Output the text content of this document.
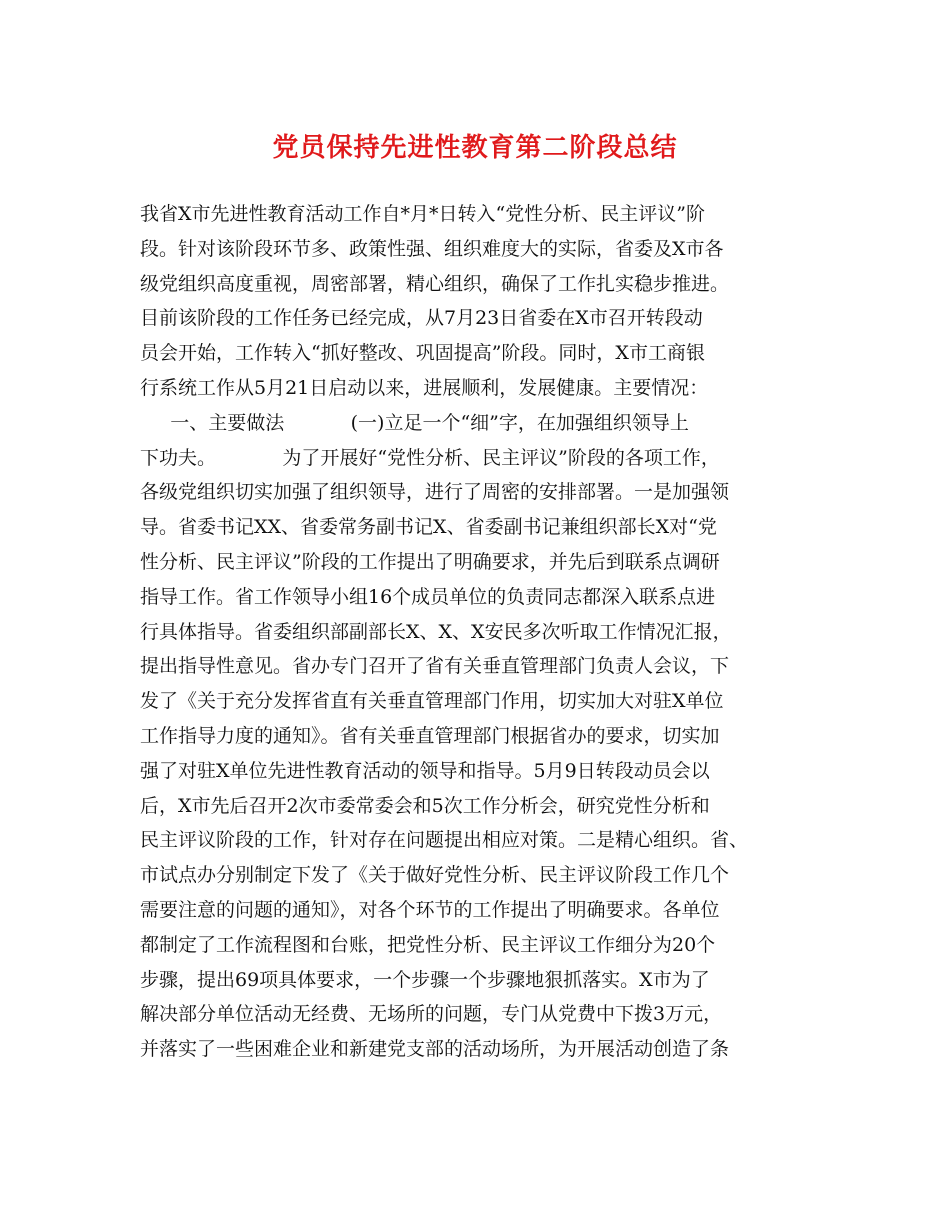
党员保持先进性教育第二阶段总结
我省X市先进性教育活动工作自*月*日转入“党性分析、民主评议”阶
段。针对该阶段环节多、政策性强、组织难度大的实际，省委及X市各
级党组织高度重视，周密部署，精心组织，确保了工作扎实稳步推进。
目前该阶段的工作任务已经完成，从7月23日省委在X市召开转段动
员会开始，工作转入“抓好整改、巩固提高”阶段。同时，X市工商银
行系统工作从5月21日启动以来，进展顺利，发展健康。主要情况：
一、主要做法           (一)立足一个“细”字，在加强组织领导上
下功夫。           为了开展好“党性分析、民主评议”阶段的各项工作，
各级党组织切实加强了组织领导，进行了周密的安排部署。一是加强领
导。省委书记XX、省委常务副书记X、省委副书记兼组织部长X对“党
性分析、民主评议”阶段的工作提出了明确要求，并先后到联系点调研
指导工作。省工作领导小组16个成员单位的负责同志都深入联系点进
行具体指导。省委组织部副部长X、X、X安民多次听取工作情况汇报，
提出指导性意见。省办专门召开了省有关垂直管理部门负责人会议，下
发了《关于充分发挥省直有关垂直管理部门作用，切实加大对驻X单位
工作指导力度的通知》。省有关垂直管理部门根据省办的要求，切实加
强了对驻X单位先进性教育活动的领导和指导。5月9日转段动员会以
后，X市先后召开2次市委常委会和5次工作分析会，研究党性分析和
民主评议阶段的工作，针对存在问题提出相应对策。二是精心组织。省、
市试点办分别制定下发了《关于做好党性分析、民主评议阶段工作几个
需要注意的问题的通知》，对各个环节的工作提出了明确要求。各单位
都制定了工作流程图和台账，把党性分析、民主评议工作细分为20个
步骤，提出69项具体要求，一个步骤一个步骤地狠抓落实。X市为了
解决部分单位活动无经费、无场所的问题，专门从党费中下拨3万元，
并落实了一些困难企业和新建党支部的活动场所，为开展活动创造了条
